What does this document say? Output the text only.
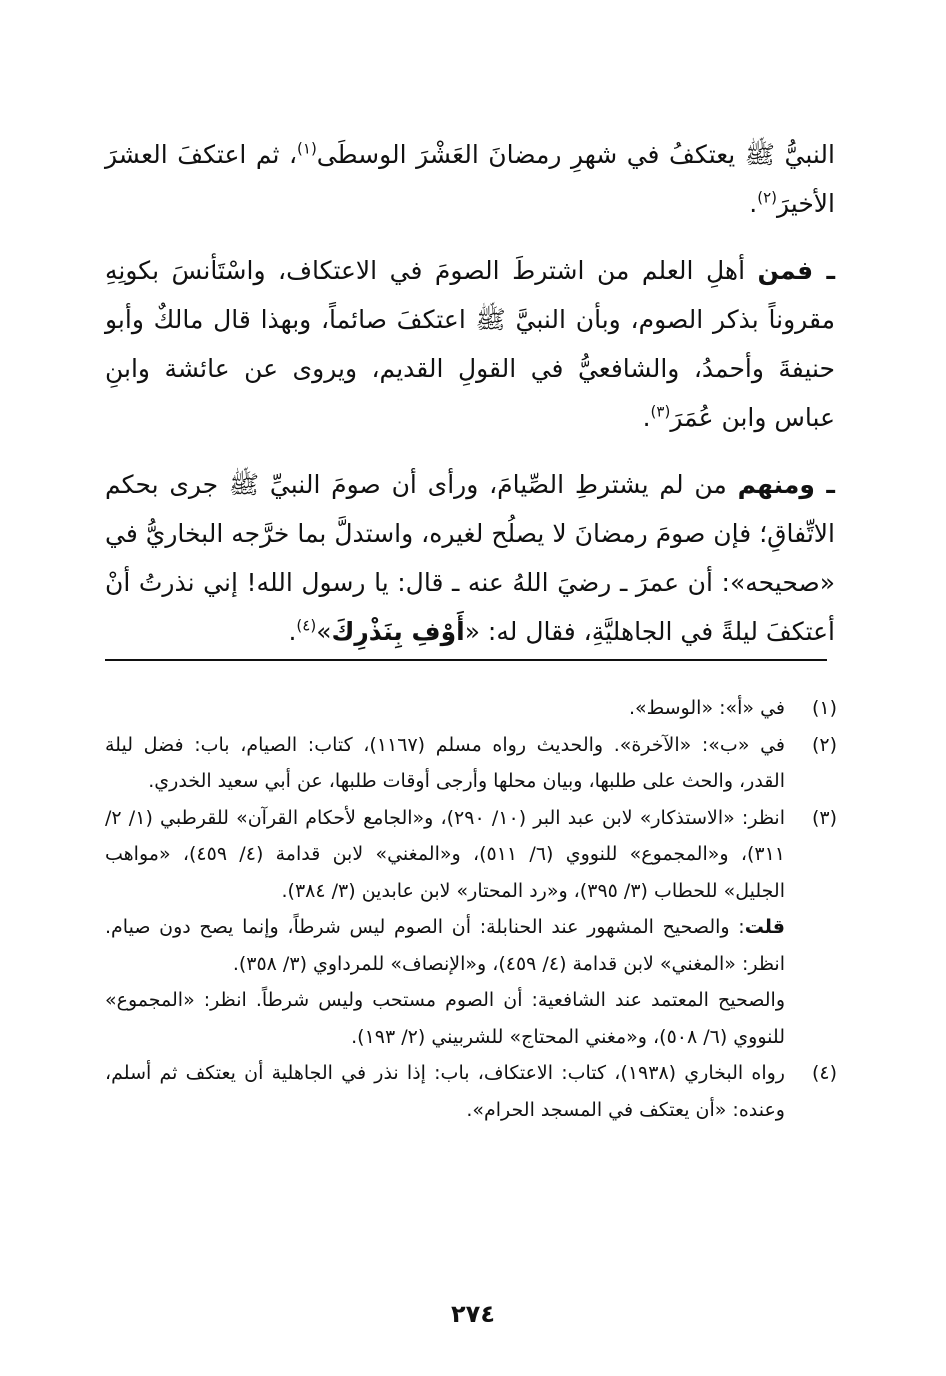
النبيُّ ﷺ يعتكفُ في شهرِ رمضانَ العَشْرَ الوسطَى$^{(١)}$، ثم اعتكفَ العشرَ الأخيرَ$^{(٢)}$.

ـ فمن أهلِ العلم من اشترطَ الصومَ في الاعتكاف، واسْتَأنسَ بكونِهِ مقروناً بذكر الصوم، وبأن النبيَّ ﷺ اعتكفَ صائماً، وبهذا قال مالكٌ وأبو حنيفةَ وأحمدُ، والشافعيُّ في القولِ القديم، ويروى عن عائشة وابنِ عباس وابن عُمَرَ$^{(٣)}$.

ـ ومنهم من لم يشترطِ الصِّيامَ، ورأى أن صومَ النبيِّ ﷺ جرى بحكم الاتِّفاقِ؛ فإن صومَ رمضانَ لا يصلُح لغيره، واستدلَّ بما خرَّجه البخاريُّ في «صحيحه»: أن عمرَ ـ رضيَ اللهُ عنه ـ قال: يا رسول الله! إني نذرتُ أنْ أعتكفَ ليلةً في الجاهليَّةِ، فقال له: «أَوْفِ بِنَذْرِكَ»$^{(٤)}$.

(١)

في «أ»: «الوسط».

(٢)

في «ب»: «الآخرة». والحديث رواه مسلم (١١٦٧)، كتاب: الصيام، باب: فضل ليلة القدر، والحث على طلبها، وبيان محلها وأرجى أوقات طلبها، عن أبي سعيد الخدري.

(٣)

انظر: «الاستذكار» لابن عبد البر (١٠/ ٢٩٠)، و«الجامع لأحكام القرآن» للقرطبي (١/ ٢/ ٣١١)، و«المجموع» للنووي (٦/ ٥١١)، و«المغني» لابن قدامة (٤/ ٤٥٩)، «مواهب الجليل» للحطاب (٣/ ٣٩٥)، و«رد المحتار» لابن عابدين (٣/ ٣٨٤).

قلت: والصحيح المشهور عند الحنابلة: أن الصوم ليس شرطاً، وإنما يصح دون صيام. انظر: «المغني» لابن قدامة (٤/ ٤٥٩)، و«الإنصاف» للمرداوي (٣/ ٣٥٨).

والصحيح المعتمد عند الشافعية: أن الصوم مستحب وليس شرطاً. انظر: «المجموع» للنووي (٦/ ٥٠٨)، و«مغني المحتاج» للشربيني (٢/ ١٩٣).

(٤)

رواه البخاري (١٩٣٨)، كتاب: الاعتكاف، باب: إذا نذر في الجاهلية أن يعتكف ثم أسلم، وعنده: «أن يعتكف في المسجد الحرام».

٢٧٤
